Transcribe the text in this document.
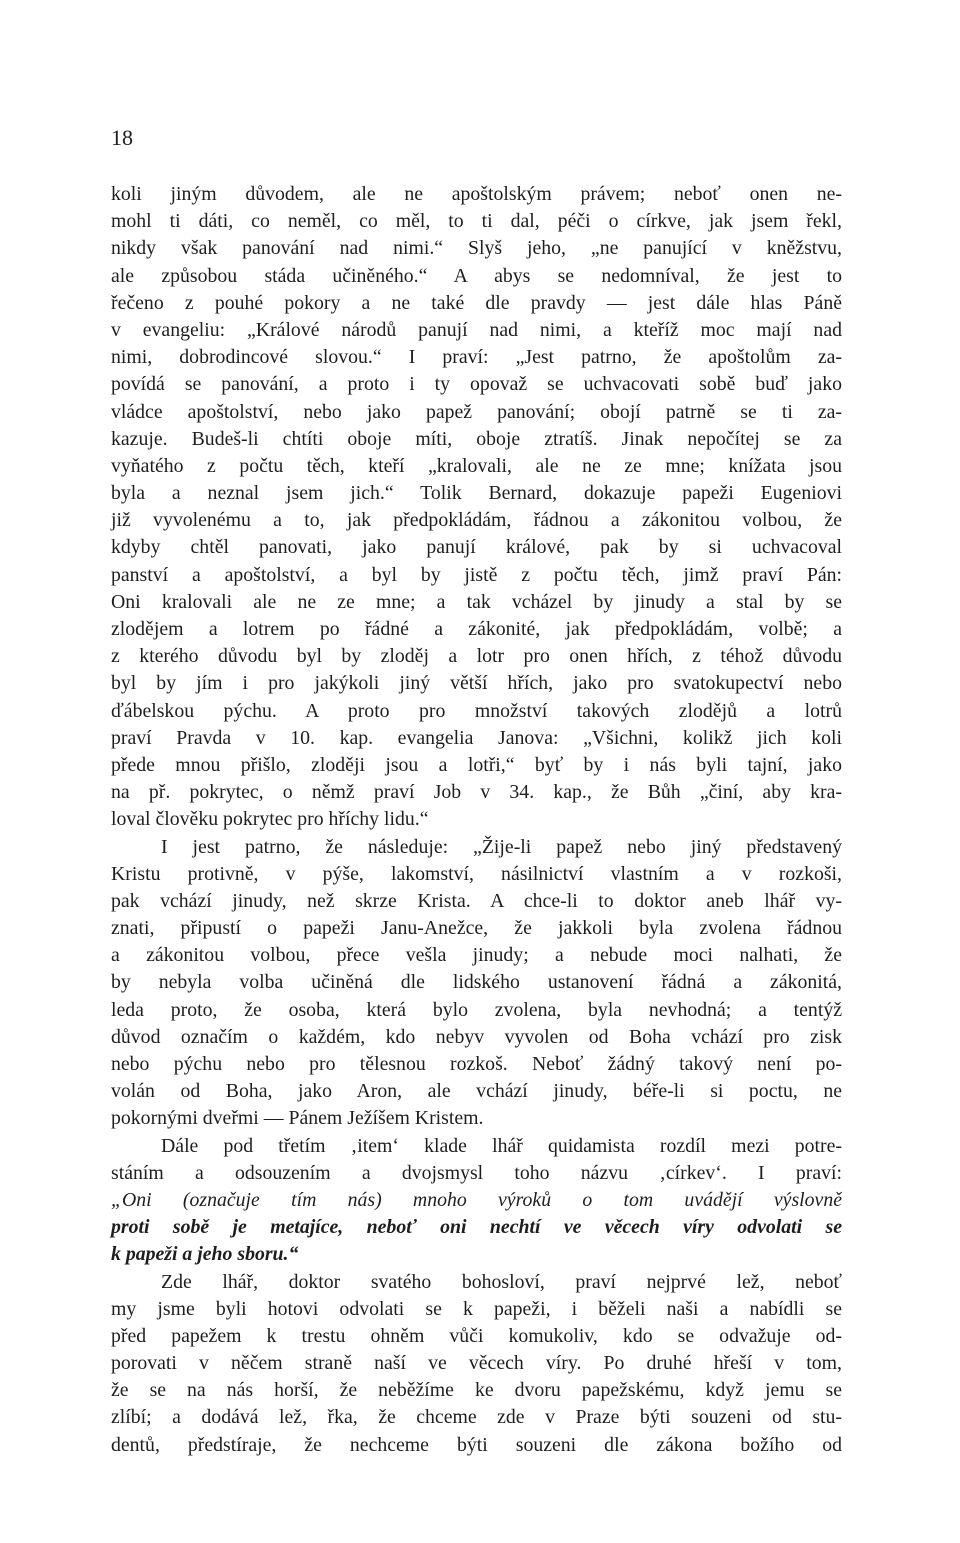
18
koli jiným důvodem, ale ne apoštolským právem; neboť onen ne-
mohl ti dáti, co neměl, co měl, to ti dal, péči o církve, jak jsem řekl,
nikdy však panování nad nimi.“ Slyš jeho, „ne panující v kněžstvu,
ale způsobou stáda učiněného.“ A abys se nedomníval, že jest to
řečeno z pouhé pokory a ne také dle pravdy — jest dále hlas Páně
v evangeliu: „Králové národů panují nad nimi, a kteříž moc mají nad
nimi, dobrodincové slovou.“ I praví: „Jest patrno, že apoštolům za-
povídá se panování, a proto i ty opovaž se uchvacovati sobě buď jako
vládce apoštolství, nebo jako papež panování; obojí patrně se ti za-
kazuje. Budeš-li chtíti oboje míti, oboje ztratíš. Jinak nepočítej se za
vyňatého z počtu těch, kteří „kralovali, ale ne ze mne; knížata jsou
byla a neznal jsem jich.“ Tolik Bernard, dokazuje papeži Eugeniovi
již vyvolenému a to, jak předpokládám, řádnou a zákonitou volbou, že
kdyby chtěl panovati, jako panují králové, pak by si uchvacoval
panství a apoštolství, a byl by jistě z počtu těch, jimž praví Pán:
Oni kralovali ale ne ze mne; a tak vcházel by jinudy a stal by se
zlodějem a lotrem po řádné a zákonité, jak předpokládám, volbě; a
z kterého důvodu byl by zloděj a lotr pro onen hřích, z téhož důvodu
byl by jím i pro jakýkoli jiný větší hřích, jako pro svatokupectví nebo
ďábelskou pýchu. A proto pro množství takových zlodějů a lotrů
praví Pravda v 10. kap. evangelia Janova: „Všichni, kolikž jich koli
přede mnou přišlo, zloději jsou a lotři,“ byť by i nás byli tajní, jako
na př. pokrytec, o němž praví Job v 34. kap., že Bůh „činí, aby kra-
loval člověku pokrytec pro hříchy lidu.“
I jest patrno, že následuje: „Žije-li papež nebo jiný představený
Kristu protivně, v pýše, lakomství, násilnictví vlastním a v rozkoši,
pak vchází jinudy, než skrze Krista. A chce-li to doktor aneb lhář vy-
znati, připustí o papeži Janu-Anežce, že jakkoli byla zvolena řádnou
a zákonitou volbou, přece vešla jinudy; a nebude moci nalhati, že
by nebyla volba učiněná dle lidského ustanovení řádná a zákonitá,
leda proto, že osoba, která bylo zvolena, byla nevhodná; a tentýž
důvod označím o každém, kdo nebyv vyvolen od Boha vchází pro zisk
nebo pýchu nebo pro tělesnou rozkoš. Neboť žádný takový není po-
volán od Boha, jako Aron, ale vchází jinudy, béře-li si poctu, ne
pokornými dveřmi — Pánem Ježíšem Kristem.
Dále pod třetím ‚item‘ klade lhář quidamista rozdíl mezi potre-
stáním a odsouzením a dvojsmysl toho názvu ‚církev‘. I praví:
„Oni (označuje tím nás) mnoho výroků o tom uvádějí výslovně
proti sobě je metajíce, neboť oni nechtí ve věcech víry odvolati se
k papeži a jeho sboru.“
Zde lhář, doktor svatého bohosloví, praví nejprvé lež, neboť
my jsme byli hotovi odvolati se k papeži, i běželi naši a nabídli se
před papežem k trestu ohněm vůči komukoliv, kdo se odvažuje od-
porovati v něčem straně naší ve věcech víry. Po druhé hřeší v tom,
že se na nás horší, že neběžíme ke dvoru papežskému, když jemu se
zlíbí; a dodává lež, řka, že chceme zde v Praze býti souzeni od stu-
dentů, předstíraje, že nechceme býti souzeni dle zákona božího od
